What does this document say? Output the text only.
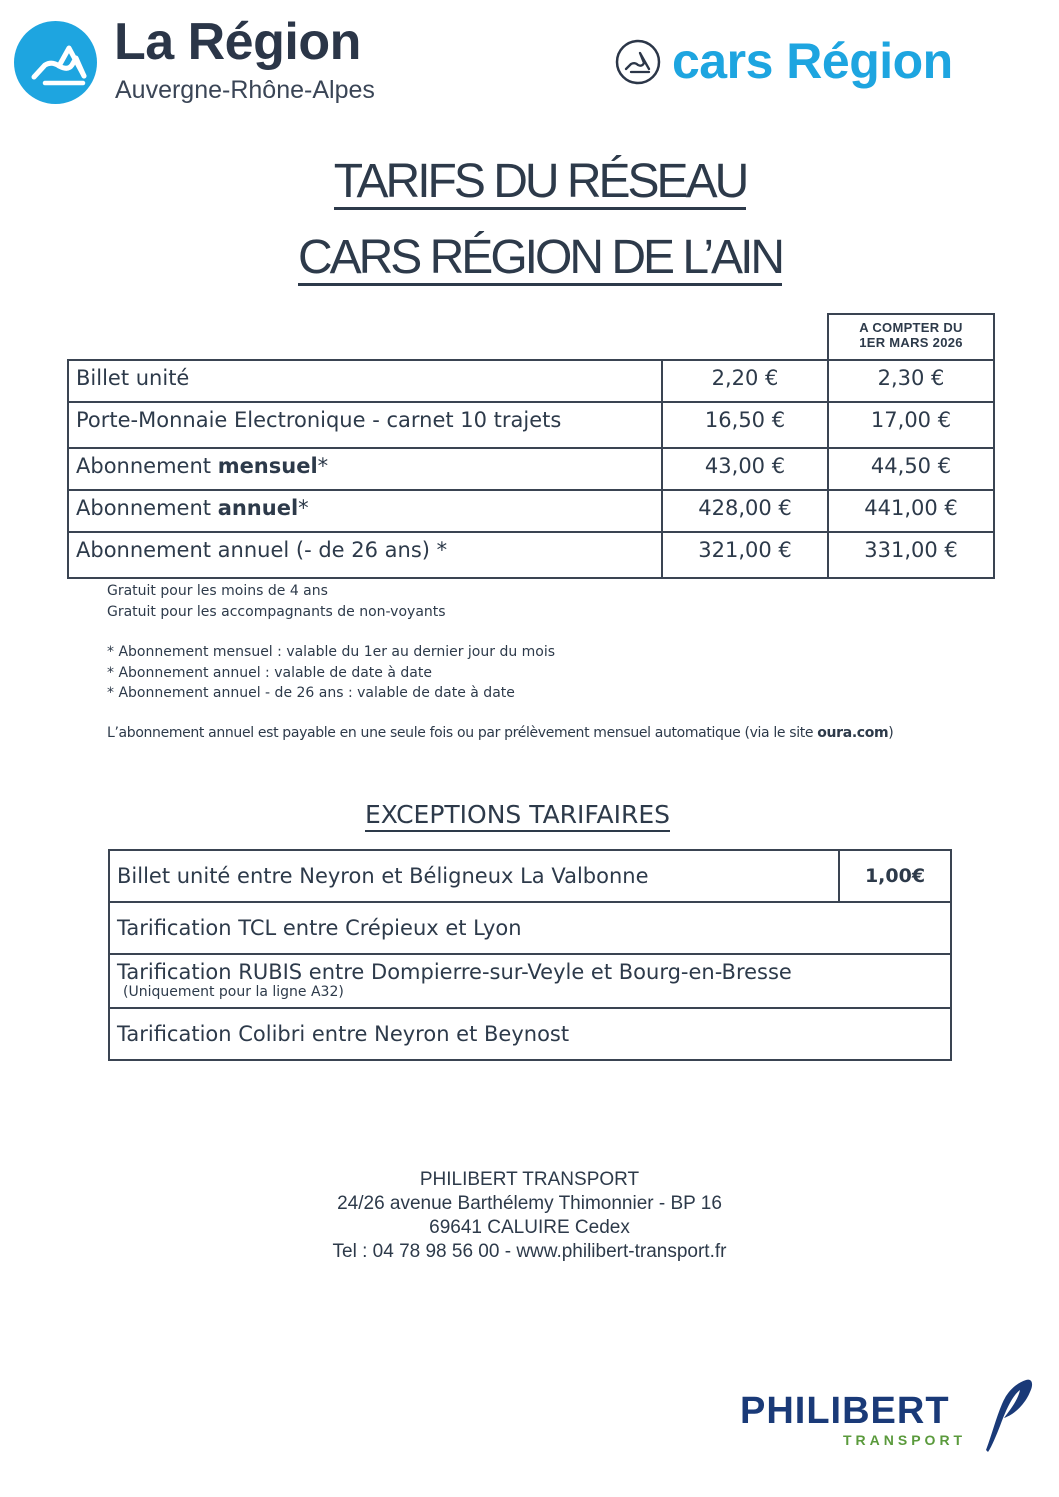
La Région
Auvergne-Rhône-Alpes
cars Région
TARIFS DU RÉSEAU
CARS RÉGION DE L’AIN

		A COMPTER DU
1ER MARS 2026

Billet unité	2,20 €	2,30 €
Porte-Monnaie Electronique - carnet 10 trajets	16,50 €	17,00 €
Abonnement mensuel*	43,00 €	44,50 €
Abonnement annuel*	428,00 €	441,00 €
Abonnement annuel (- de 26 ans) *	321,00 €	331,00 €
Gratuit pour les moins de 4 ans
Gratuit pour les accompagnants de non-voyants
* Abonnement mensuel : valable du 1er au dernier jour du mois
* Abonnement annuel : valable de date à date
* Abonnement annuel - de 26 ans : valable de date à date
L’abonnement annuel est payable en une seule fois ou par prélèvement mensuel automatique (via le site oura.com)
EXCEPTIONS TARIFAIRES
Billet unité entre Neyron et Béligneux La Valbonne	1,00€
Tarification TCL entre Crépieux et Lyon
Tarification RUBIS entre Dompierre-sur-Veyle et Bourg-en-Bresse
(Uniquement pour la ligne A32)

Tarification Colibri entre Neyron et Beynost
PHILIBERT TRANSPORT
24/26 avenue Barthélemy Thimonnier - BP 16
69641 CALUIRE Cedex
Tel : 04 78 98 56 00 - www.philibert-transport.fr
PHILIBERT
TRANSPORT
